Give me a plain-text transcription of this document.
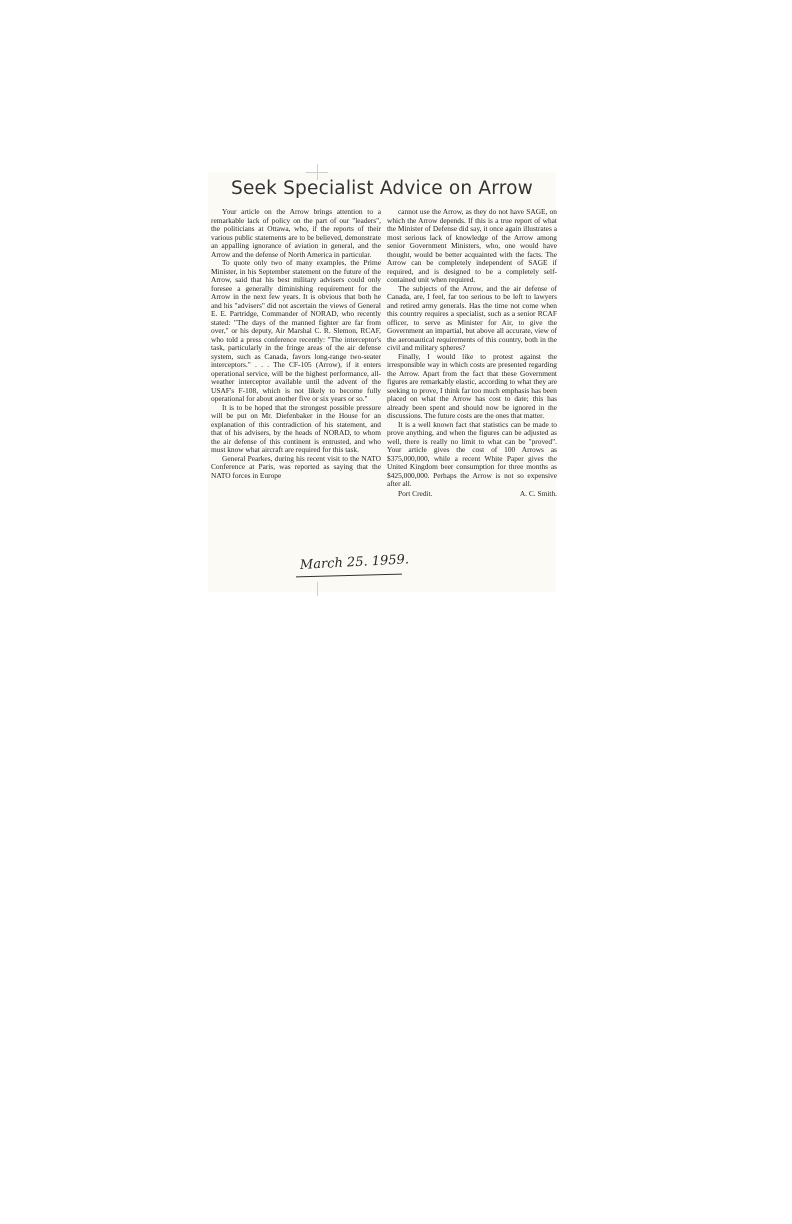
Seek Specialist Advice on Arrow

Your article on the Arrow brings attention to a remarkable lack of policy on the part of our "leaders", the politicians at Ottawa, who, if the reports of their various public statements are to be believed, demonstrate an appalling ignorance of aviation in general, and the Arrow and the defense of North America in particular.

To quote only two of many examples, the Prime Minister, in his September statement on the future of the Arrow, said that his best military advisers could only foresee a generally diminishing requirement for the Arrow in the next few years. It is obvious that both he and his "advisers" did not ascertain the views of General E. E. Partridge, Commander of NORAD, who recently stated: "The days of the manned fighter are far from over," or his deputy, Air Marshal C. R. Slemon, RCAF, who told a press conference recently: "The interceptor's task, particularly in the fringe areas of the air defense system, such as Canada, favors long-range two-seater interceptors." . . . The CF-105 (Arrow), if it enters operational service, will be the highest performance, all-weather interceptor available until the advent of the USAF's F-108, which is not likely to become fully operational for about another five or six years or so."

It is to be hoped that the strongest possible pressure will be put on Mr. Diefenbaker in the House for an explanation of this contradiction of his statement, and that of his advisers, by the heads of NORAD, to whom the air defense of this continent is entrusted, and who must know what aircraft are required for this task.

General Pearkes, during his recent visit to the NATO Conference at Paris, was reported as saying that the NATO forces in Europe

cannot use the Arrow, as they do not have SAGE, on which the Arrow depends. If this is a true report of what the Minister of Defense did say, it once again illustrates a most serious lack of knowledge of the Arrow among senior Government Ministers, who, one would have thought, would be better acquainted with the facts. The Arrow can be completely independent of SAGE if required, and is designed to be a completely self-contained unit when required.

The subjects of the Arrow, and the air defense of Canada, are, I feel, far too serious to be left to lawyers and retired army generals. Has the time not come when this country requires a specialist, such as a senior RCAF officer, to serve as Minister for Air, to give the Government an impartial, but above all accurate, view of the aeronautical requirements of this country, both in the civil and military spheres?

Finally, I would like to protest against the irresponsible way in which costs are presented regarding the Arrow. Apart from the fact that these Government figures are remarkably elastic, according to what they are seeking to prove, I think far too much emphasis has been placed on what the Arrow has cost to date; this has already been spent and should now be ignored in the discussions. The future costs are the ones that matter.

It is a well known fact that statistics can be made to prove anything, and when the figures can be adjusted as well, there is really no limit to what can be "proved". Your article gives the cost of 100 Arrows as $375,000,000, while a recent White Paper gives the United Kingdom beer consumption for three months as $425,000,000. Perhaps the Arrow is not so expensive after all.

Port Credit.	A. C. Smith.
March 25. 1959.
